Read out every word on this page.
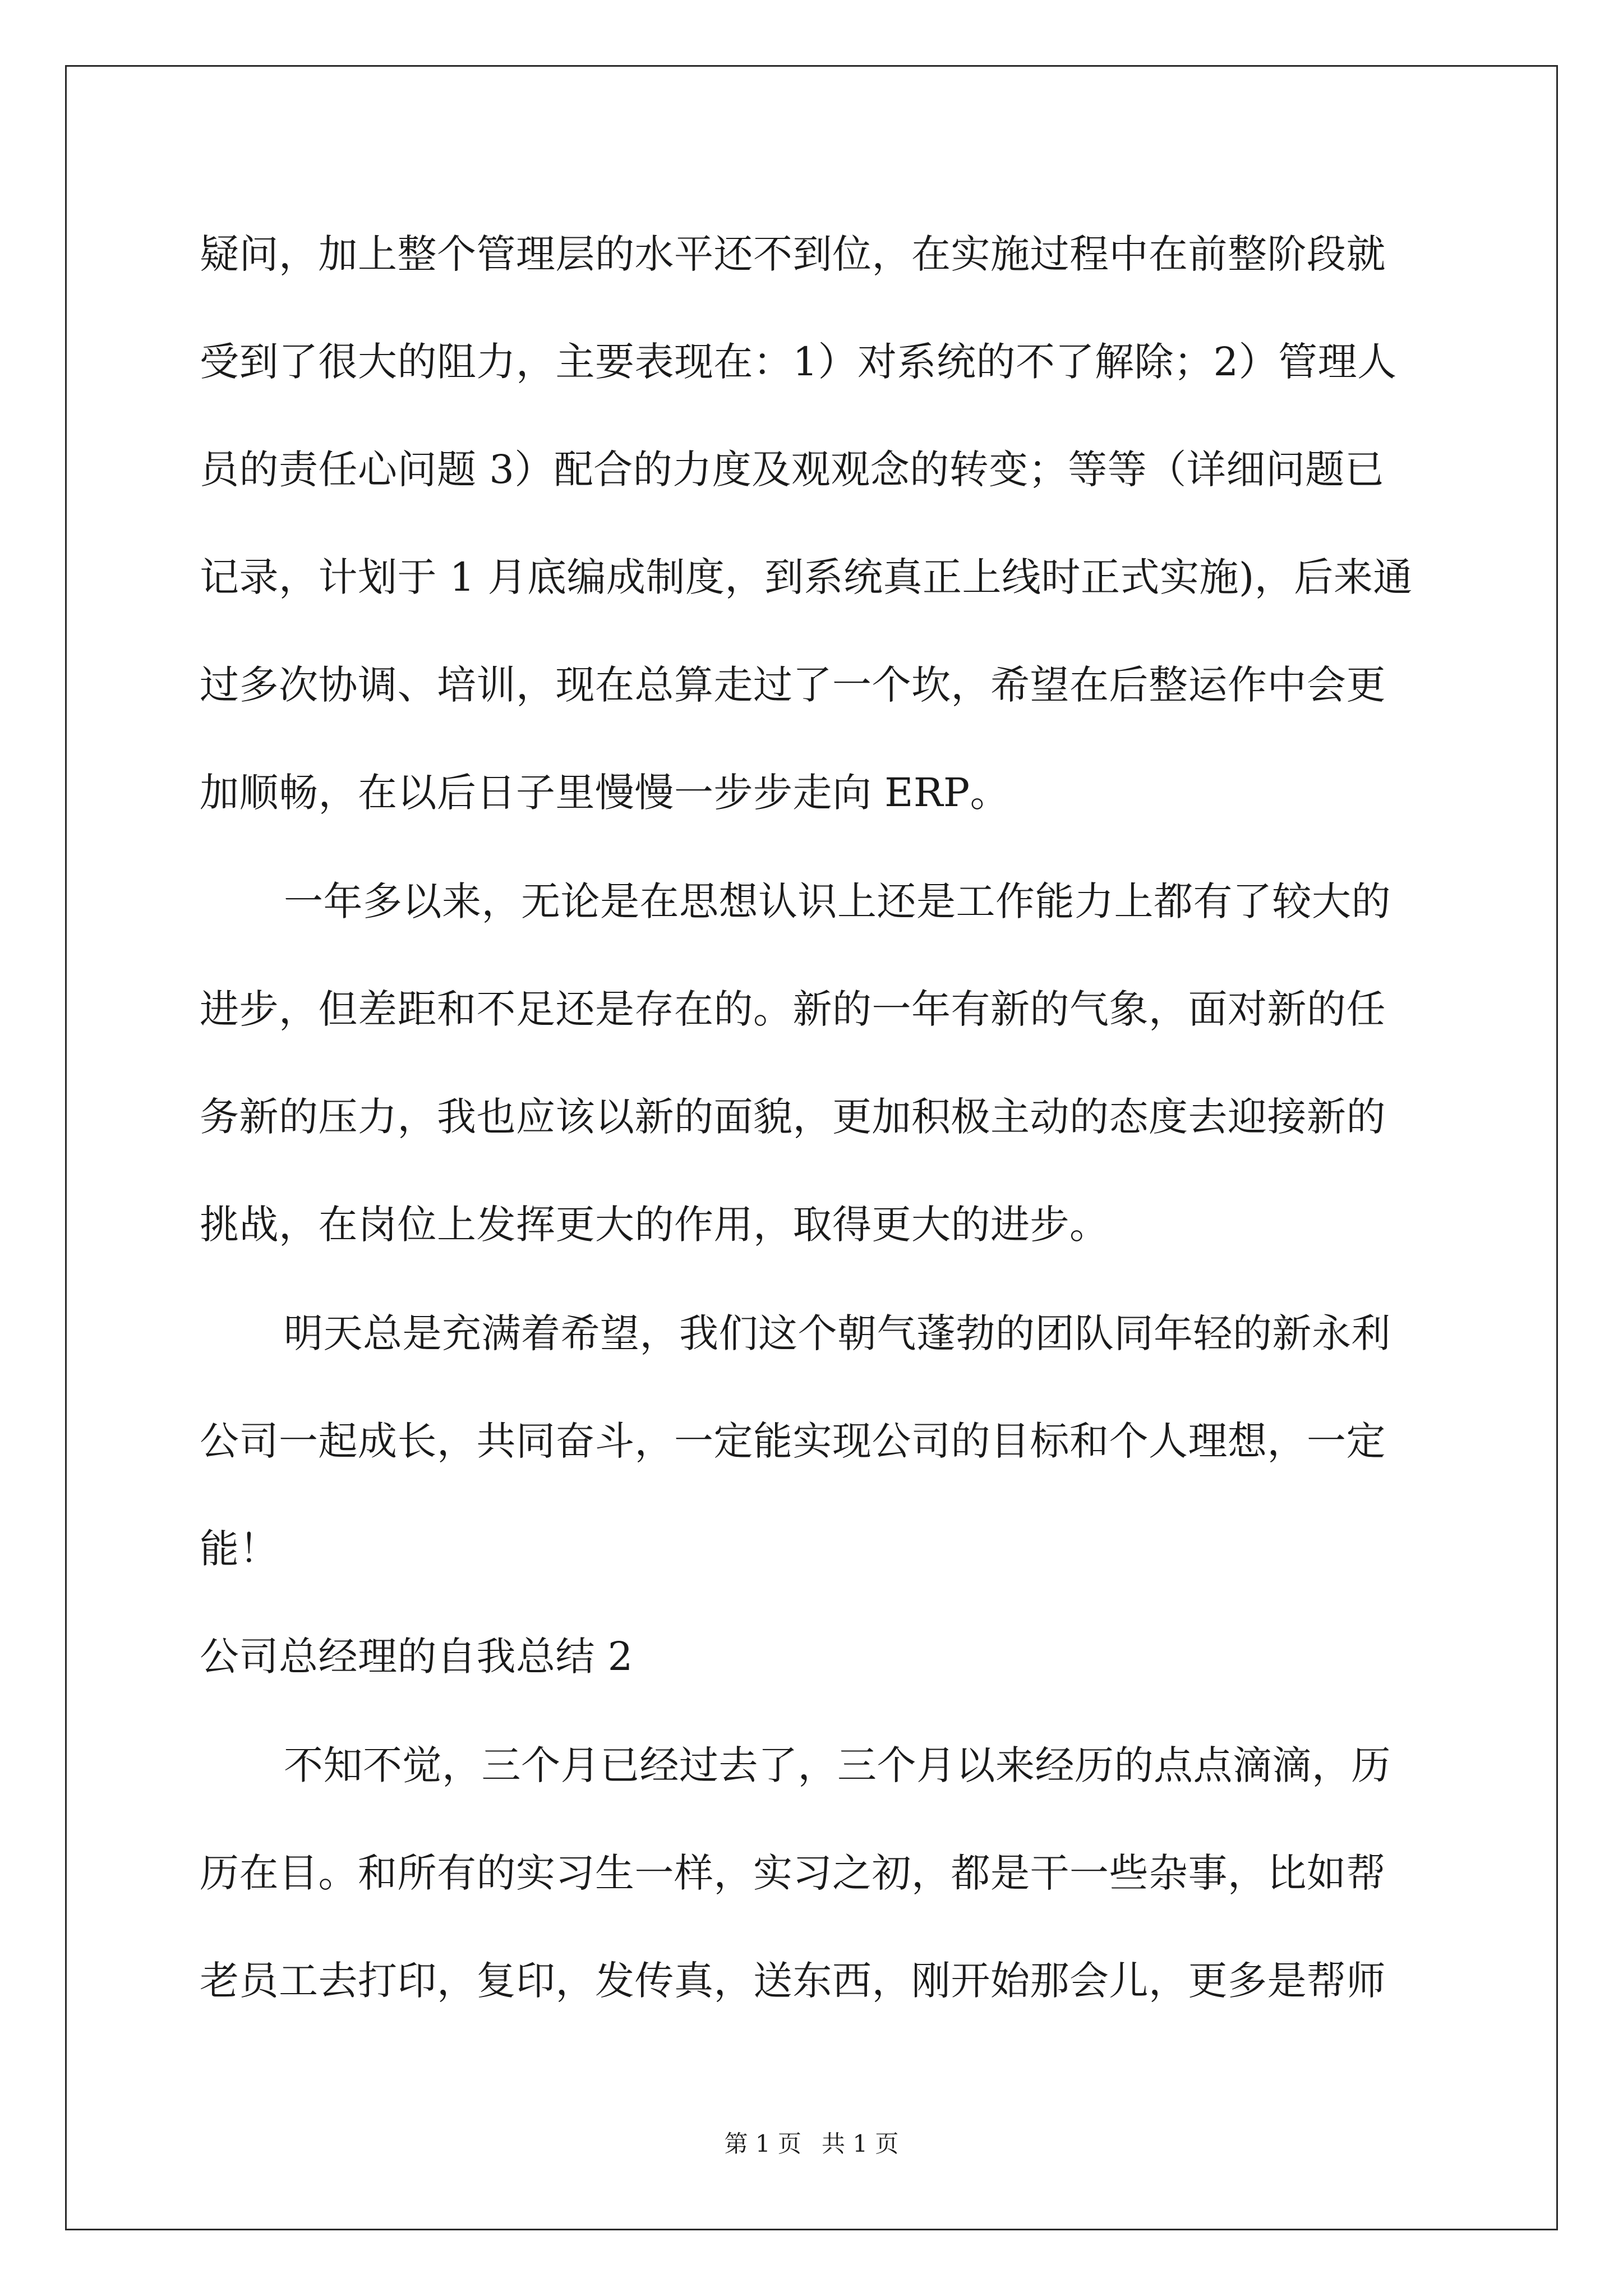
疑问，加上整个管理层的水平还不到位，在实施过程中在前整阶段就
受到了很大的阻力，主要表现在：1）对系统的不了解除；2）管理人
员的责任心问题 3）配合的力度及观观念的转变；等等（详细问题已
记录，计划于 1 月底编成制度，到系统真正上线时正式实施)，后来通
过多次协调、培训，现在总算走过了一个坎，希望在后整运作中会更
加顺畅，在以后日子里慢慢一步步走向 ERP。
一年多以来，无论是在思想认识上还是工作能力上都有了较大的
进步，但差距和不足还是存在的。新的一年有新的气象，面对新的任
务新的压力，我也应该以新的面貌，更加积极主动的态度去迎接新的
挑战，在岗位上发挥更大的作用，取得更大的进步。
明天总是充满着希望，我们这个朝气蓬勃的团队同年轻的新永利
公司一起成长，共同奋斗，一定能实现公司的目标和个人理想，一定
能！
公司总经理的自我总结 2
不知不觉，三个月已经过去了，三个月以来经历的点点滴滴，历
历在目。和所有的实习生一样，实习之初，都是干一些杂事，比如帮
老员工去打印，复印，发传真，送东西，刚开始那会儿，更多是帮师
第 1 页 共 1 页
